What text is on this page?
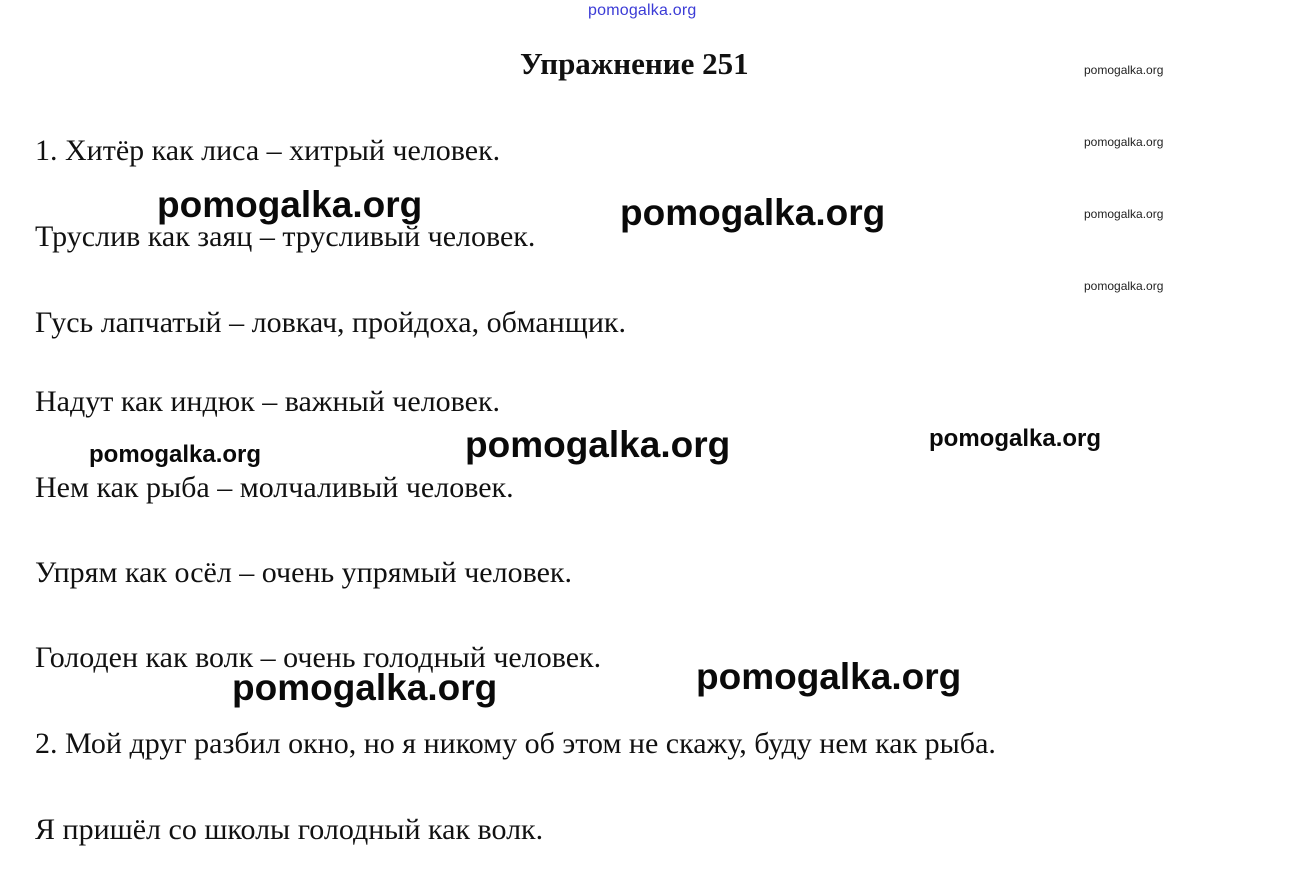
pomogalka.org
Упражнение 251
1. Хитёр как лиса – хитрый человек.
Труслив как заяц – трусливый человек.
Гусь лапчатый – ловкач, пройдоха, обманщик.
Надут как индюк – важный человек.
Нем как рыба – молчаливый человек.
Упрям как осёл – очень упрямый человек.
Голоден как волк – очень голодный человек.
2. Мой друг разбил окно, но я никому об этом не скажу, буду нем как рыба.
Я пришёл со школы голодный как волк.
pomogalka.org
pomogalka.org
pomogalka.org
pomogalka.org
pomogalka.org	pomogalka.org
pomogalka.org
pomogalka.org
pomogalka.org
pomogalka.org
pomogalka.org
